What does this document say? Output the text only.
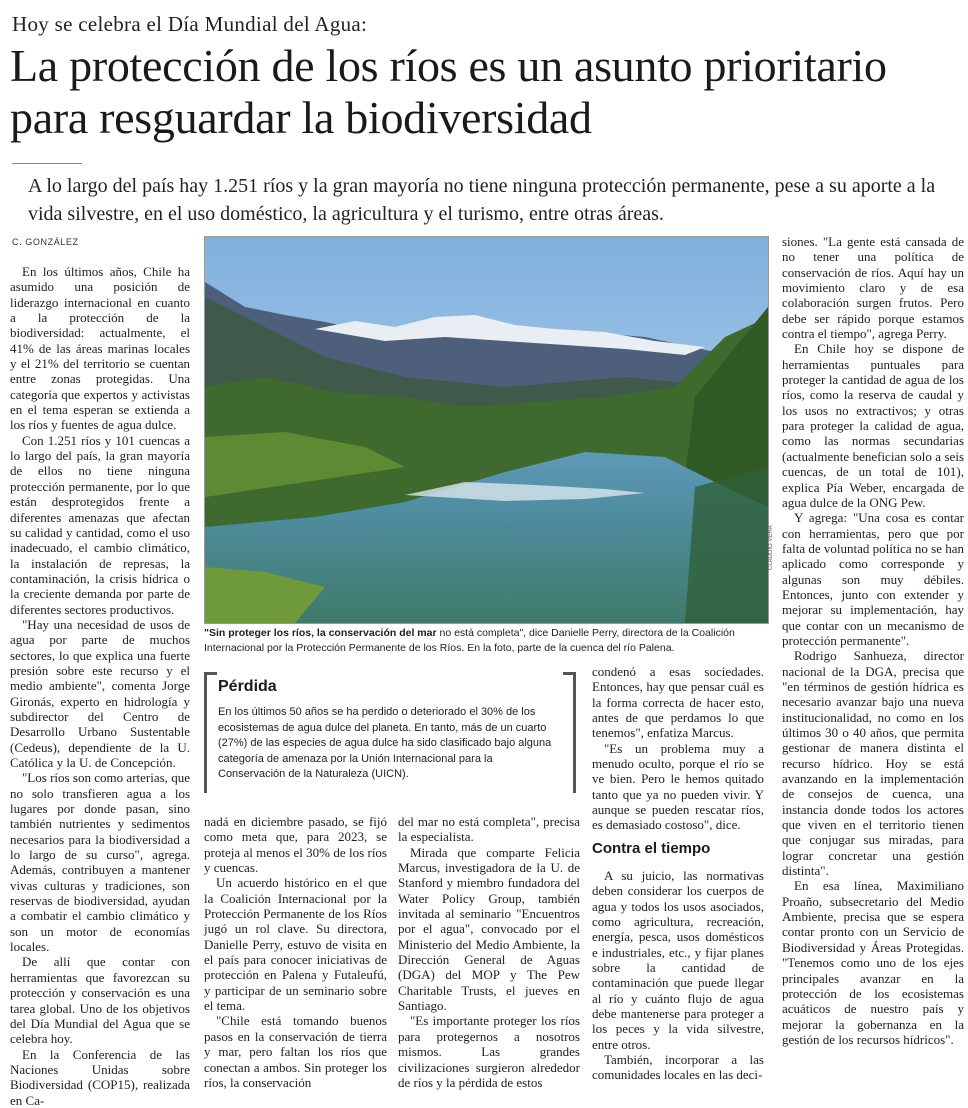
Hoy se celebra el Día Mundial del Agua:
La protección de los ríos es un asunto prioritario para resguardar la biodiversidad
A lo largo del país hay 1.251 ríos y la gran mayoría no tiene ninguna protección permanente, pese a su aporte a la vida silvestre, en el uso doméstico, la agricultura y el turismo, entre otras áreas.
C. GONZÁLEZ

En los últimos años, Chile ha asumido una posición de liderazgo internacional en cuanto a la protección de la biodiversidad: actualmente, el 41% de las áreas marinas locales y el 21% del territorio se cuentan entre zonas protegidas. Una categoría que expertos y activistas en el tema esperan se extienda a los ríos y fuentes de agua dulce.

Con 1.251 ríos y 101 cuencas a lo largo del país, la gran mayoría de ellos no tiene ninguna protección permanente, por lo que están desprotegidos frente a diferentes amenazas que afectan su calidad y cantidad, como el uso inadecuado, el cambio climático, la instalación de represas, la contaminación, la crisis hídrica o la creciente demanda por parte de diferentes sectores productivos.

"Hay una necesidad de usos de agua por parte de muchos sectores, lo que explica una fuerte presión sobre este recurso y el medio ambiente", comenta Jorge Gironás, experto en hidrología y subdirector del Centro de Desarrollo Urbano Sustentable (Cedeus), dependiente de la U. Católica y la U. de Concepción.

"Los ríos son como arterias, que no solo transfieren agua a los lugares por donde pasan, sino también nutrientes y sedimentos necesarios para la biodiversidad a lo largo de su curso", agrega. Además, contribuyen a mantener vivas culturas y tradiciones, son reservas de biodiversidad, ayudan a combatir el cambio climático y son un motor de economías locales.

De allí que contar con herramientas que favorezcan su protección y conservación es una tarea global. Uno de los objetivos del Día Mundial del Agua que se celebra hoy.

En la Conferencia de las Naciones Unidas sobre Biodiversidad (COP15), realizada en Ca-

CLAUDIO VERA
"Sin proteger los ríos, la conservación del mar no está completa", dice Danielle Perry, directora de la Coalición Internacional por la Protección Permanente de los Ríos. En la foto, parte de la cuenca del río Palena.
Pérdida
En los últimos 50 años se ha perdido o deteriorado el 30% de los ecosistemas de agua dulce del planeta. En tanto, más de un cuarto (27%) de las especies de agua dulce ha sido clasificado bajo alguna categoría de amenaza por la Unión Internacional para la Conservación de la Naturaleza (UICN).

nadá en diciembre pasado, se fijó como meta que, para 2023, se proteja al menos el 30% de los ríos y cuencas.

Un acuerdo histórico en el que la Coalición Internacional por la Protección Permanente de los Ríos jugó un rol clave. Su directora, Danielle Perry, estuvo de visita en el país para conocer iniciativas de protección en Palena y Futaleufú, y participar de un seminario sobre el tema.

"Chile está tomando buenos pasos en la conservación de tierra y mar, pero faltan los ríos que conectan a ambos. Sin proteger los ríos, la conservación

del mar no está completa", precisa la especialista.

Mirada que comparte Felicia Marcus, investigadora de la U. de Stanford y miembro fundadora del Water Policy Group, también invitada al seminario "Encuentros por el agua", convocado por el Ministerio del Medio Ambiente, la Dirección General de Aguas (DGA) del MOP y The Pew Charitable Trusts, el jueves en Santiago.

"Es importante proteger los ríos para protegernos a nosotros mismos. Las grandes civilizaciones surgieron alrededor de ríos y la pérdida de estos

condenó a esas sociedades. Entonces, hay que pensar cuál es la forma correcta de hacer esto, antes de que perdamos lo que tenemos", enfatiza Marcus.

"Es un problema muy a menudo oculto, porque el río se ve bien. Pero le hemos quitado tanto que ya no pueden vivir. Y aunque se pueden rescatar ríos, es demasiado costoso", dice.

Contra el tiempo

A su juicio, las normativas deben considerar los cuerpos de agua y todos los usos asociados, como agricultura, recreación, energía, pesca, usos domésticos e industriales, etc., y fijar planes sobre la cantidad de contaminación que puede llegar al río y cuánto flujo de agua debe mantenerse para proteger a los peces y la vida silvestre, entre otros.

También, incorporar a las comunidades locales en las deci-

siones. "La gente está cansada de no tener una política de conservación de ríos. Aquí hay un movimiento claro y de esa colaboración surgen frutos. Pero debe ser rápido porque estamos contra el tiempo", agrega Perry.

En Chile hoy se dispone de herramientas puntuales para proteger la cantidad de agua de los ríos, como la reserva de caudal y los usos no extractivos; y otras para proteger la calidad de agua, como las normas secundarias (actualmente benefician solo a seis cuencas, de un total de 101), explica Pía Weber, encargada de agua dulce de la ONG Pew.

Y agrega: "Una cosa es contar con herramientas, pero que por falta de voluntad política no se han aplicado como corresponde y algunas son muy débiles. Entonces, junto con extender y mejorar su implementación, hay que contar con un mecanismo de protección permanente".

Rodrigo Sanhueza, director nacional de la DGA, precisa que "en términos de gestión hídrica es necesario avanzar bajo una nueva institucionalidad, no como en los últimos 30 o 40 años, que permita gestionar de manera distinta el recurso hídrico. Hoy se está avanzando en la implementación de consejos de cuenca, una instancia donde todos los actores que viven en el territorio tienen que conjugar sus miradas, para lograr concretar una gestión distinta".

En esa línea, Maximiliano Proaño, subsecretario del Medio Ambiente, precisa que se espera contar pronto con un Servicio de Biodiversidad y Áreas Protegidas. "Tenemos como uno de los ejes principales avanzar en la protección de los ecosistemas acuáticos de nuestro país y mejorar la gobernanza en la gestión de los recursos hídricos".
